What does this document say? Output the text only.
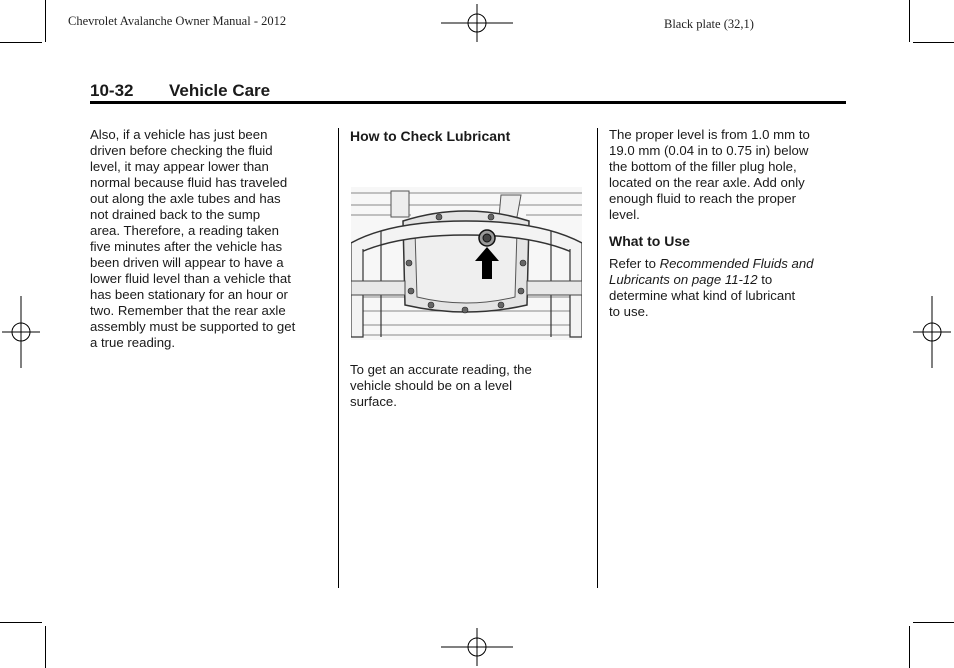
Chevrolet Avalanche Owner Manual - 2012	Black plate (32,1)
10-32 Vehicle Care

Also, if a vehicle has just been

driven before checking the fluid

level, it may appear lower than

normal because fluid has traveled

out along the axle tubes and has

not drained back to the sump

area. Therefore, a reading taken

five minutes after the vehicle has

been driven will appear to have a

lower fluid level than a vehicle that

has been stationary for an hour or

two. Remember that the rear axle

assembly must be supported to get

a true reading.

How to Check Lubricant

To get an accurate reading, the

vehicle should be on a level

surface.

The proper level is from 1.0 mm to

19.0 mm (0.04 in to 0.75 in) below

the bottom of the filler plug hole,

located on the rear axle. Add only

enough fluid to reach the proper

level.

What to Use

Refer to Recommended Fluids and

Lubricants on page 11-12 to

determine what kind of lubricant

to use.
